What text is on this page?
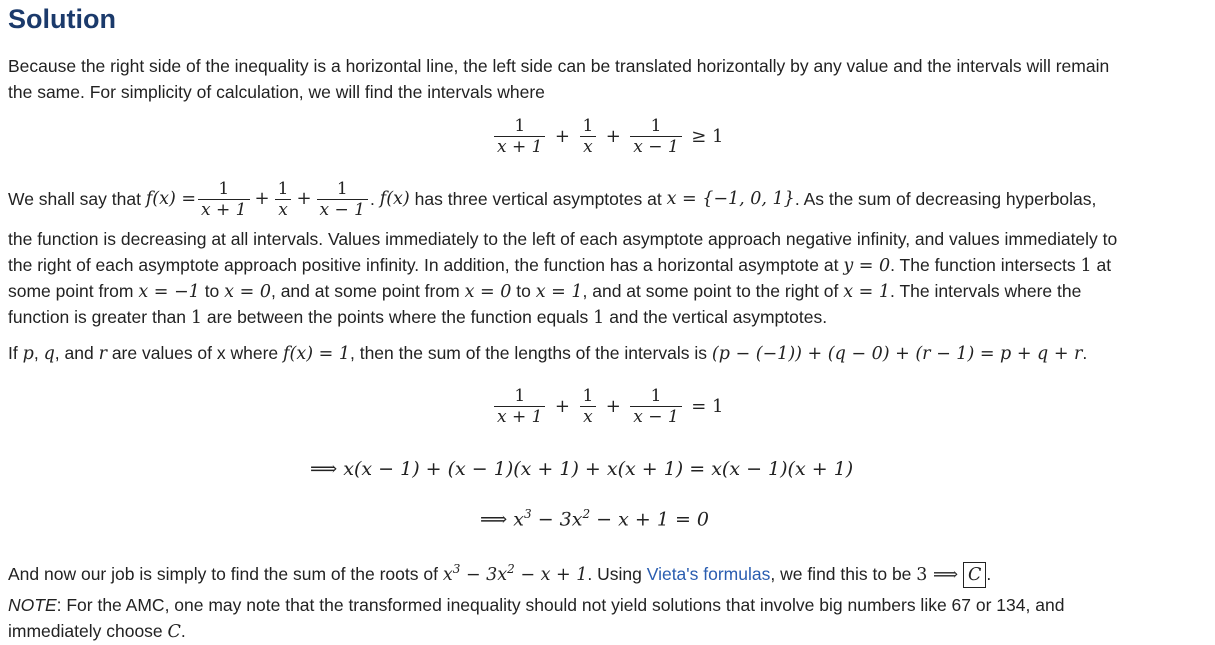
Solution
Because the right side of the inequality is a horizontal line, the left side can be translated horizontally by any value and the intervals will remain
the same. For simplicity of calculation, we will find the intervals where
$\frac{1}{x + 1} + \frac{1}{x} + \frac{1}{x - 1} \ge 1$
We shall say that
$f(x) = \frac{1}{x + 1} + \frac{1}{x} + \frac{1}{x - 1}$ .
f(x)
has three vertical asymptotes at
x = {−1, 0, 1} . As the sum of decreasing hyperbolas,
the function is decreasing at all intervals. Values immediately to the left of each asymptote approach negative infinity, and values immediately to
the right of each asymptote approach positive infinity. In addition, the function has a horizontal asymptote at y = 0. The function intersects 1 at
some point from x = −1 to x = 0, and at some point from x = 0 to x = 1, and at some point to the right of x = 1. The intervals where the
function is greater than 1 are between the points where the function equals 1 and the vertical asymptotes.
If p, q, and r are values of x where f(x) = 1, then the sum of the lengths of the intervals is (p − (−1)) + (q − 0) + (r − 1) = p + q + r.
$\frac{1}{x + 1} + \frac{1}{x} + \frac{1}{x - 1} = 1$
⟹ x(x − 1) + (x − 1)(x + 1) + x(x + 1) = x(x − 1)(x + 1)
⟹ $x^3 - 3x^2 - x + 1 = 0$
And now our job is simply to find the sum of the roots of $x^3 - 3x^2 - x + 1$. Using Vieta's formulas, we find this to be 3 ⟹ C .
NOTE: For the AMC, one may note that the transformed inequality should not yield solutions that involve big numbers like 67 or 134, and
immediately choose C.
